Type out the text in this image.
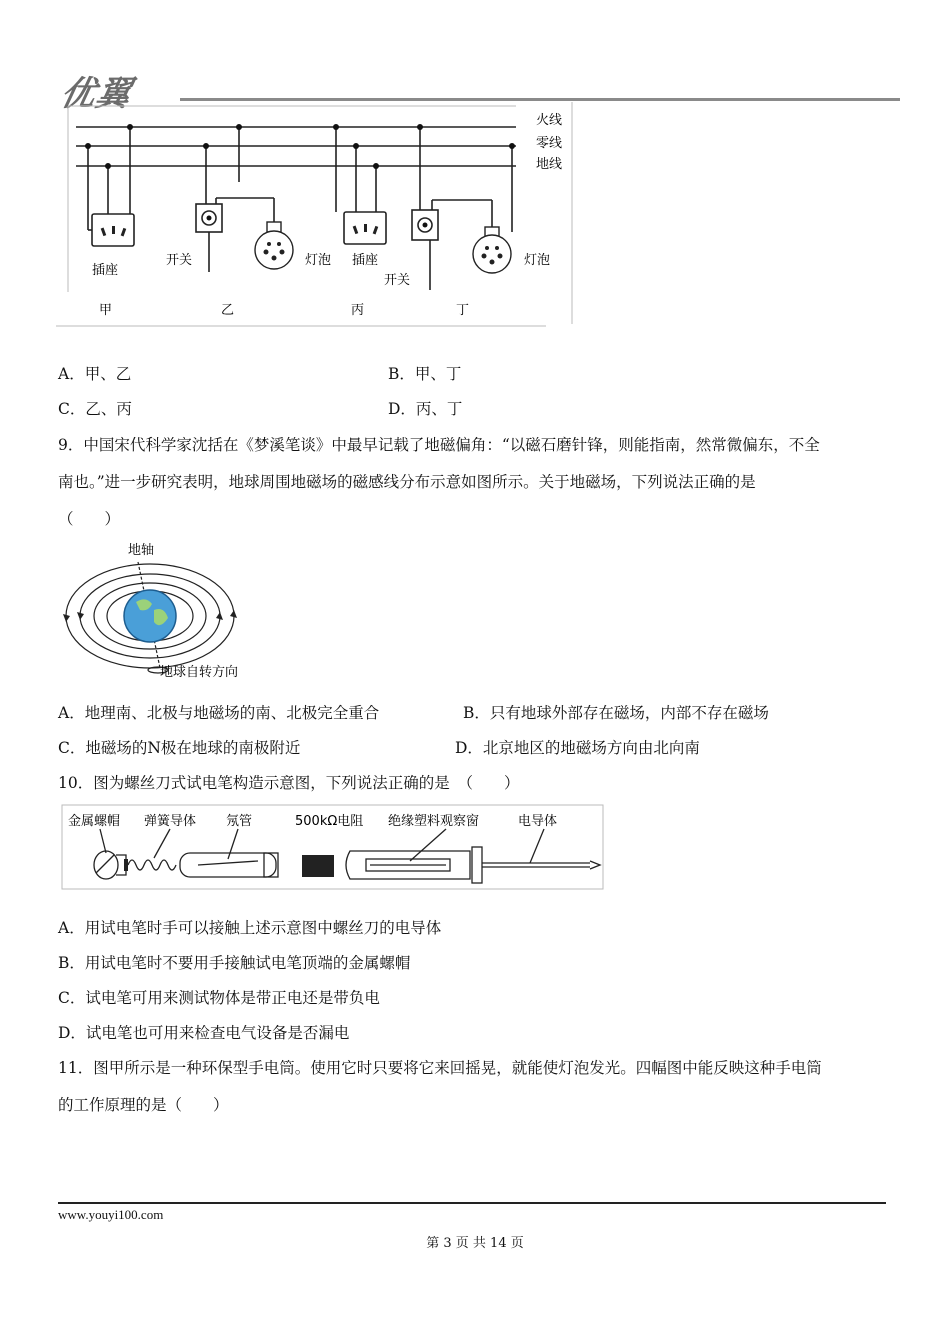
优翼
火线
零线
地线
插座
开关	灯泡 插座
开关
灯泡
甲	乙	丙	丁
A．甲、乙	B．甲、丁
C．乙、丙	D．丙、丁
9．中国宋代科学家沈括在《梦溪笔谈》中最早记载了地磁偏角：“以磁石磨针锋，则能指南，然常微偏东，不全
南也。”进一步研究表明，地球周围地磁场的磁感线分布示意如图所示。关于地磁场，下列说法正确的是
（　　）
地轴
地球自转方向
A．地理南、北极与地磁场的南、北极完全重合	B．只有地球外部存在磁场，内部不存在磁场
C．地磁场的N极在地球的南极附近	D．北京地区的地磁场方向由北向南
10．图为螺丝刀式试电笔构造示意图，下列说法正确的是　（　　）
金属螺帽 弹簧导体 氖管	500kΩ电阻 绝缘塑料观察窗	电导体
A．用试电笔时手可以接触上述示意图中螺丝刀的电导体
B．用试电笔时不要用手接触试电笔顶端的金属螺帽
C．试电笔可用来测试物体是带正电还是带负电
D．试电笔也可用来检查电气设备是否漏电
11．图甲所示是一种环保型手电筒。使用它时只要将它来回摇晃，就能使灯泡发光。四幅图中能反映这种手电筒
的工作原理的是（　　）
www.youyi100.com
第 3 页 共 14 页
